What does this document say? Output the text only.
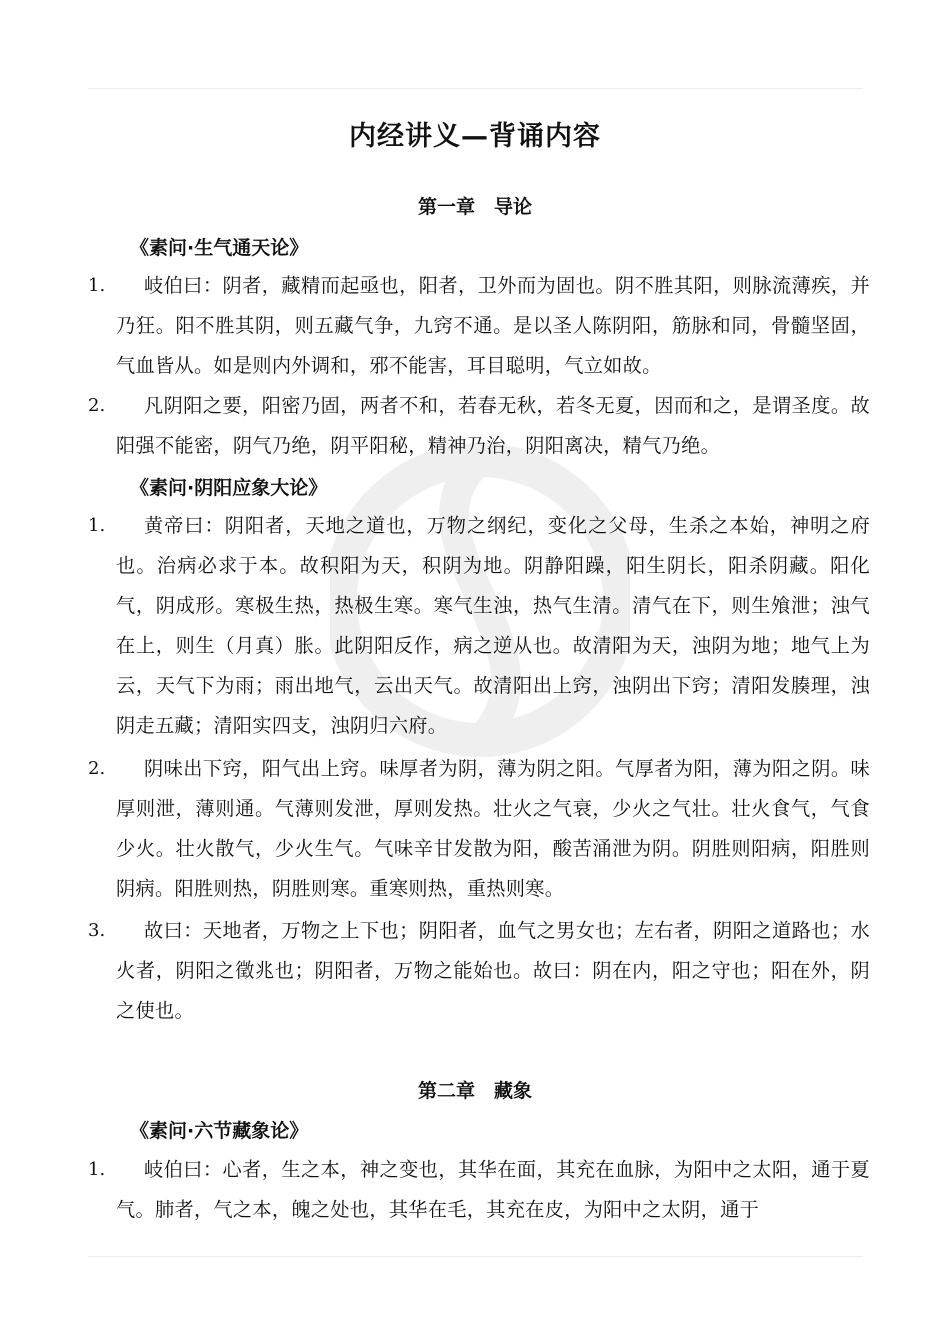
内经讲义—背诵内容
第一章　导论
《素问·生气通天论》
1.	岐伯曰：阴者，藏精而起亟也，阳者，卫外而为固也。阴不胜其阳，则脉流薄疾，并乃狂。阳不胜其阴，则五藏气争，九窍不通。是以圣人陈阴阳，筋脉和同，骨髓坚固，气血皆从。如是则内外调和，邪不能害，耳目聪明，气立如故。
2.	凡阴阳之要，阳密乃固，两者不和，若春无秋，若冬无夏，因而和之，是谓圣度。故阳强不能密，阴气乃绝，阴平阳秘，精神乃治，阴阳离决，精气乃绝。
《素问·阴阳应象大论》
1.	黄帝曰：阴阳者，天地之道也，万物之纲纪，变化之父母，生杀之本始，神明之府也。治病必求于本。故积阳为天，积阴为地。阴静阳躁，阳生阴长，阳杀阴藏。阳化气，阴成形。寒极生热，热极生寒。寒气生浊，热气生清。清气在下，则生飧泄；浊气在上，则生（月真）胀。此阴阳反作，病之逆从也。故清阳为天，浊阴为地；地气上为云，天气下为雨；雨出地气，云出天气。故清阳出上窍，浊阴出下窍；清阳发腠理，浊阴走五藏；清阳实四支，浊阴归六府。
2.	阴味出下窍，阳气出上窍。味厚者为阴，薄为阴之阳。气厚者为阳，薄为阳之阴。味厚则泄，薄则通。气薄则发泄，厚则发热。壮火之气衰，少火之气壮。壮火食气，气食少火。壮火散气，少火生气。气味辛甘发散为阳，酸苦涌泄为阴。阴胜则阳病，阳胜则阴病。阳胜则热，阴胜则寒。重寒则热，重热则寒。
3.	故曰：天地者，万物之上下也；阴阳者，血气之男女也；左右者，阴阳之道路也；水火者，阴阳之徵兆也；阴阳者，万物之能始也。故曰：阴在内，阳之守也；阳在外，阴之使也。
第二章　藏象
《素问·六节藏象论》
1.	岐伯曰：心者，生之本，神之变也，其华在面，其充在血脉，为阳中之太阳，通于夏气。肺者，气之本，魄之处也，其华在毛，其充在皮，为阳中之太阴，通于
